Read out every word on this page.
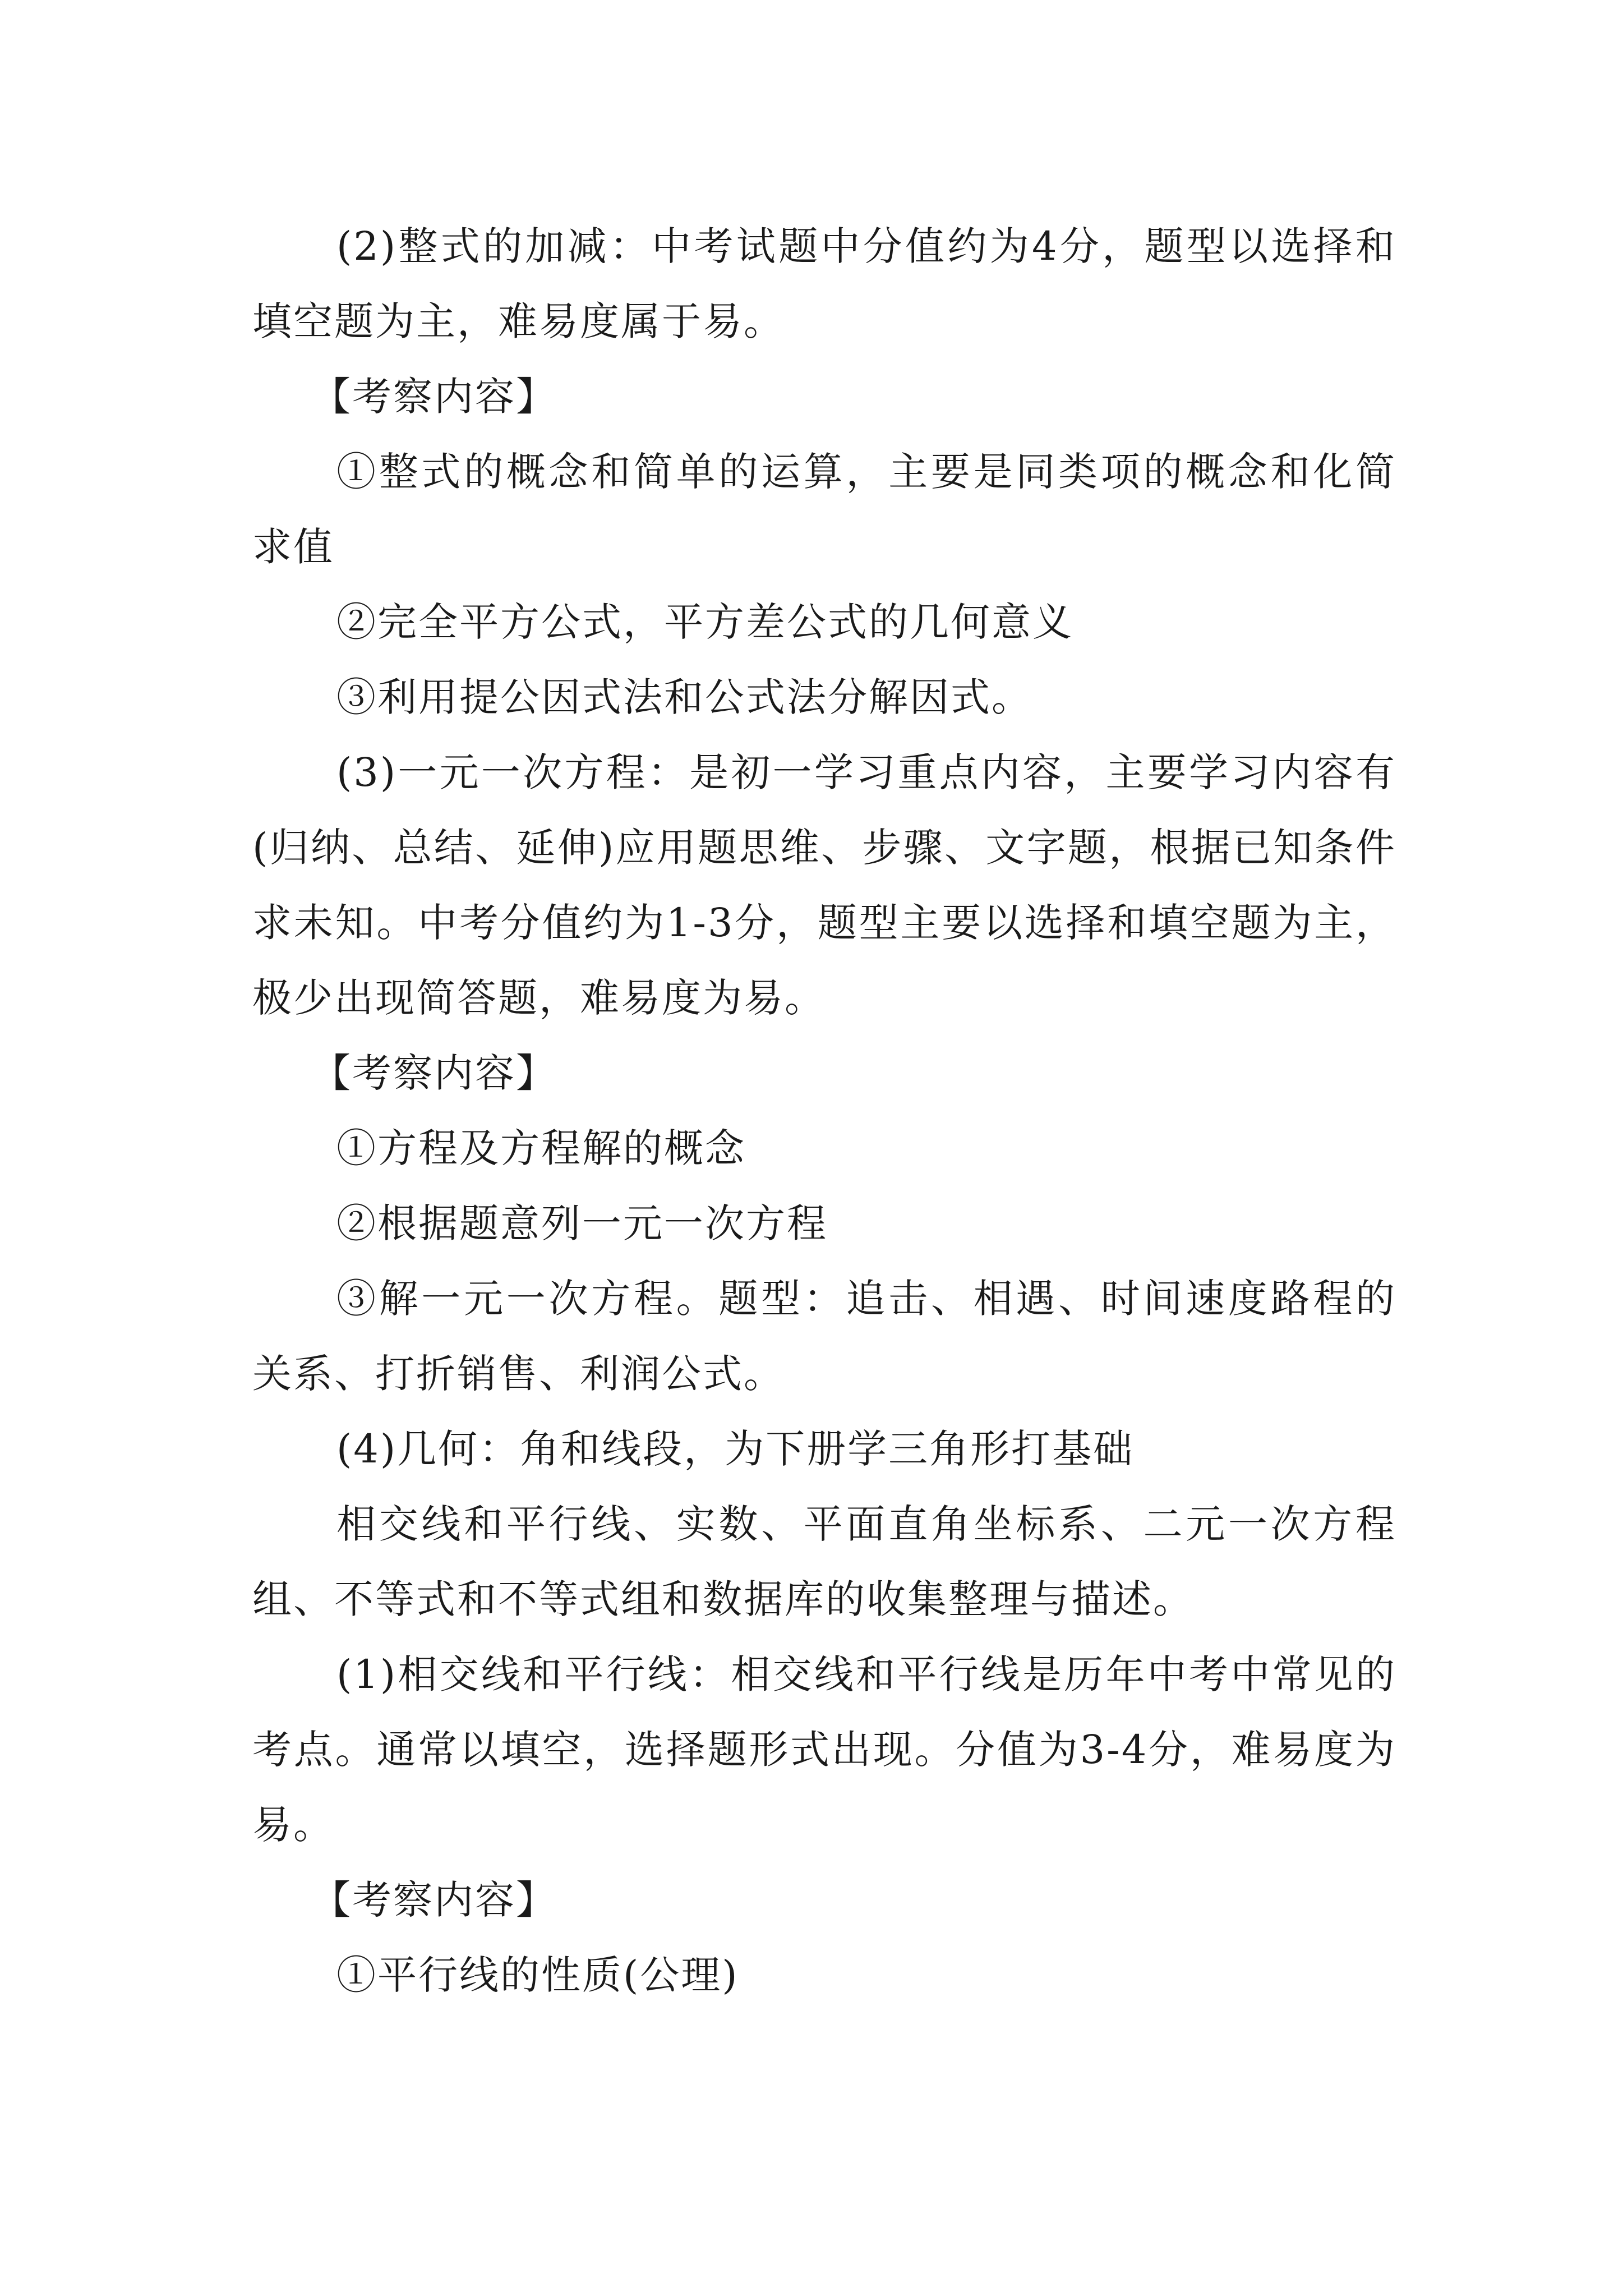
(2)整式的加减：中考试题中分值约为4分，题型以选择和填空题为主，难易度属于易。

【考察内容】

①整式的概念和简单的运算，主要是同类项的概念和化简求值

②完全平方公式，平方差公式的几何意义

③利用提公因式法和公式法分解因式。

(3)一元一次方程：是初一学习重点内容，主要学习内容有(归纳、总结、延伸)应用题思维、步骤、文字题，根据已知条件求未知。中考分值约为1-3分，题型主要以选择和填空题为主，极少出现简答题，难易度为易。

【考察内容】

①方程及方程解的概念

②根据题意列一元一次方程

③解一元一次方程。题型：追击、相遇、时间速度路程的关系、打折销售、利润公式。

(4)几何：角和线段，为下册学三角形打基础

相交线和平行线、实数、平面直角坐标系、二元一次方程组、不等式和不等式组和数据库的收集整理与描述。

(1)相交线和平行线：相交线和平行线是历年中考中常见的考点。通常以填空，选择题形式出现。分值为3-4分，难易度为易。

【考察内容】

①平行线的性质(公理)
